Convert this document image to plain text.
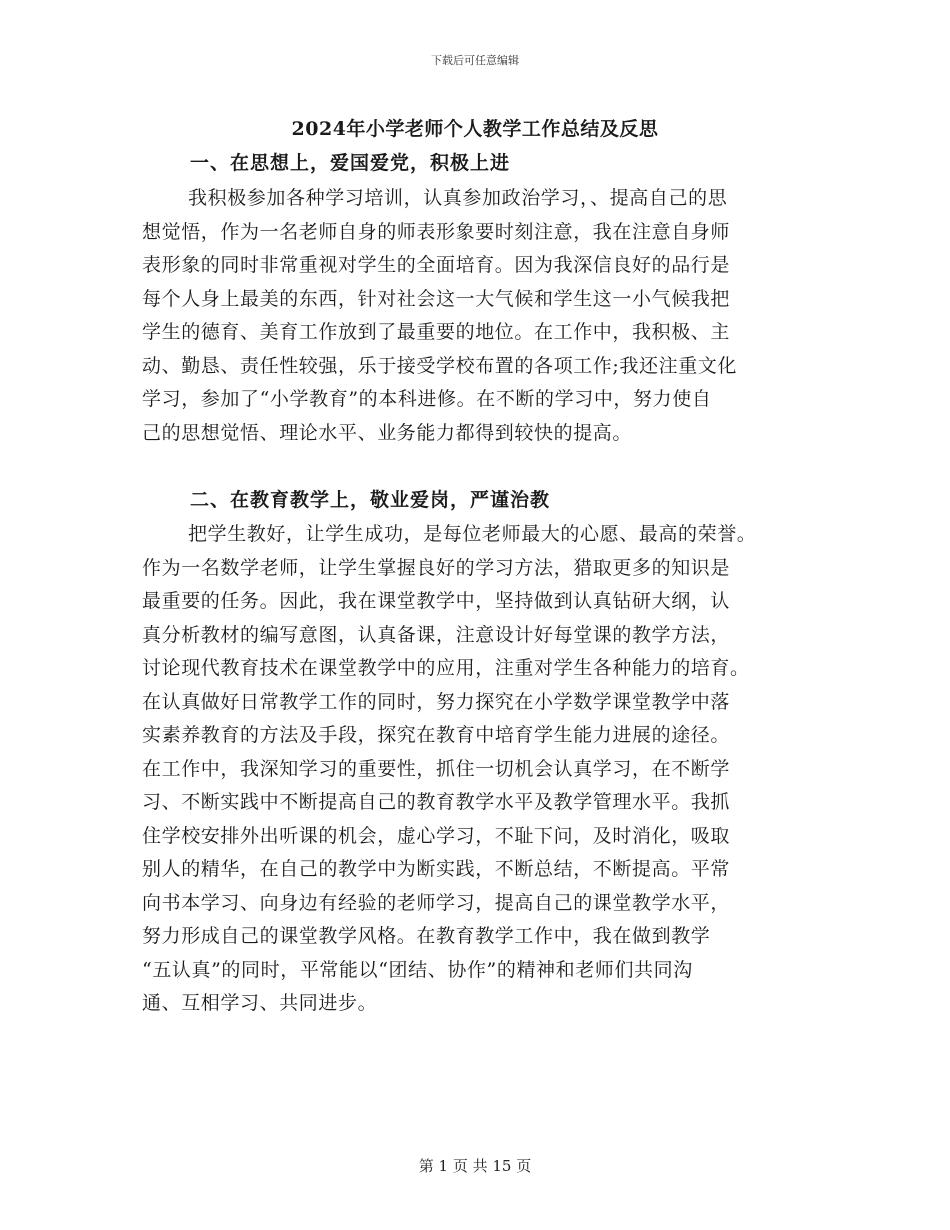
下载后可任意编辑
2024年小学老师个人教学工作总结及反思
一、在思想上，爱国爱党，积极上进
我积极参加各种学习培训，认真参加政治学习，、提高自己的思
想觉悟，作为一名老师自身的师表形象要时刻注意，我在注意自身师
表形象的同时非常重视对学生的全面培育。因为我深信良好的品行是
每个人身上最美的东西，针对社会这一大气候和学生这一小气候我把
学生的德育、美育工作放到了最重要的地位。在工作中，我积极、主
动、勤恳、责任性较强，乐于接受学校布置的各项工作;我还注重文化
学习，参加了“小学教育”的本科进修。在不断的学习中，努力使自
己的思想觉悟、理论水平、业务能力都得到较快的提高。
二、在教育教学上，敬业爱岗，严谨治教
把学生教好，让学生成功，是每位老师最大的心愿、最高的荣誉。
作为一名数学老师，让学生掌握良好的学习方法，猎取更多的知识是
最重要的任务。因此，我在课堂教学中，坚持做到认真钻研大纲，认
真分析教材的编写意图，认真备课，注意设计好每堂课的教学方法，
讨论现代教育技术在课堂教学中的应用，注重对学生各种能力的培育。
在认真做好日常教学工作的同时，努力探究在小学数学课堂教学中落
实素养教育的方法及手段，探究在教育中培育学生能力进展的途径。
在工作中，我深知学习的重要性，抓住一切机会认真学习，在不断学
习、不断实践中不断提高自己的教育教学水平及教学管理水平。我抓
住学校安排外出听课的机会，虚心学习，不耻下问，及时消化，吸取
别人的精华，在自己的教学中为断实践，不断总结，不断提高。平常
向书本学习、向身边有经验的老师学习，提高自己的课堂教学水平，
努力形成自己的课堂教学风格。在教育教学工作中，我在做到教学
“五认真”的同时，平常能以“团结、协作”的精神和老师们共同沟
通、互相学习、共同进步。
第 1 页 共 15 页
